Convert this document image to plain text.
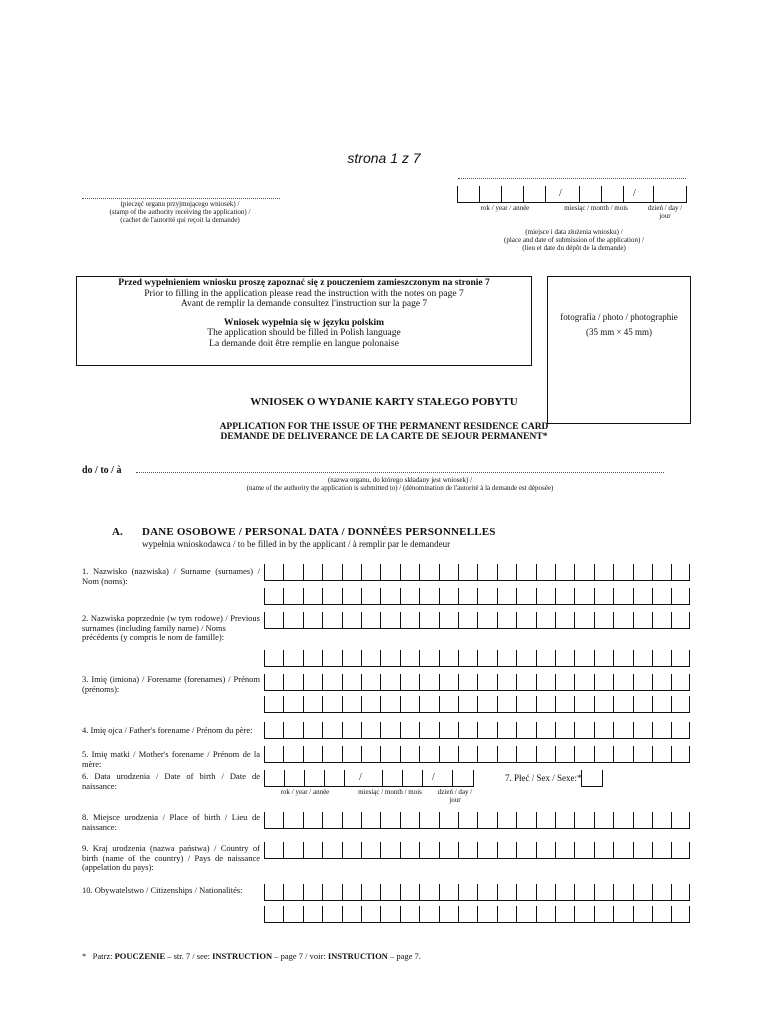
strona 1 z 7
(pieczęć organu przyjmującego wniosek) /
(stamp of the authority receiving the application) /
(cachet de l'autorité qui reçoit la demande)
/	/
rok / year / année	miesiąc / month / mois	dzień / day /
jour
(miejsce i data złożenia wniosku) /
(place and date of submission of the application) /
(lieu et date du dépôt de la demande)
Przed wypełnieniem wniosku proszę zapoznać się z pouczeniem zamieszczonym na stronie 7
Prior to filling in the application please read the instruction with the notes on page 7
Avant de remplir la demande consultez l'instruction sur la page 7
Wniosek wypełnia się w języku polskim
The application should be filled in Polish language
La demande doit être remplie en langue polonaise
fotografia / photo / photographie
(35 mm × 45 mm)
WNIOSEK O WYDANIE KARTY STAŁEGO POBYTU
APPLICATION FOR THE ISSUE OF THE PERMANENT RESIDENCE CARD
DEMANDE DE DELIVERANCE DE LA CARTE DE SEJOUR PERMANENT*
do / to / à
(nazwa organu, do którego składany jest wniosek) /
(name of the authority the application is submitted to) / (dénomination de l'autorité à la demande est déposée)
A. DANE OSOBOWE / PERSONAL DATA / DONNÉES PERSONNELLES
wypełnia wnioskodawca / to be filled in by the applicant / à remplir par le demandeur
1. Nazwisko (nazwiska) / Surname (surnames) / Nom (noms):
2. Nazwiska poprzednie (w tym rodowe) / Previous surnames (including family name) / Noms
précédents (y compris le nom de famille):
3. Imię (imiona) / Forename (forenames) / Prénom (prénoms):
4. Imię ojca / Father's forename / Prénom du père:
5. Imię matki / Mother's forename / Prénom de la mère:
6. Data urodzenia / Date of birth / Date de naissance:
/	/
rok / year / année	miesiąc / month / mois	dzień / day /
jour
7. Płeć / Sex / Sexe:*
8. Miejsce urodzenia / Place of birth / Lieu de naissance:
9. Kraj urodzenia (nazwa państwa) / Country of birth (name of the country) / Pays de naissance (appelation du pays):
10. Obywatelstwo / Citizenships / Nationalités:
* Patrz: POUCZENIE – str. 7 / see: INSTRUCTION – page 7 / voir: INSTRUCTION – page 7.
